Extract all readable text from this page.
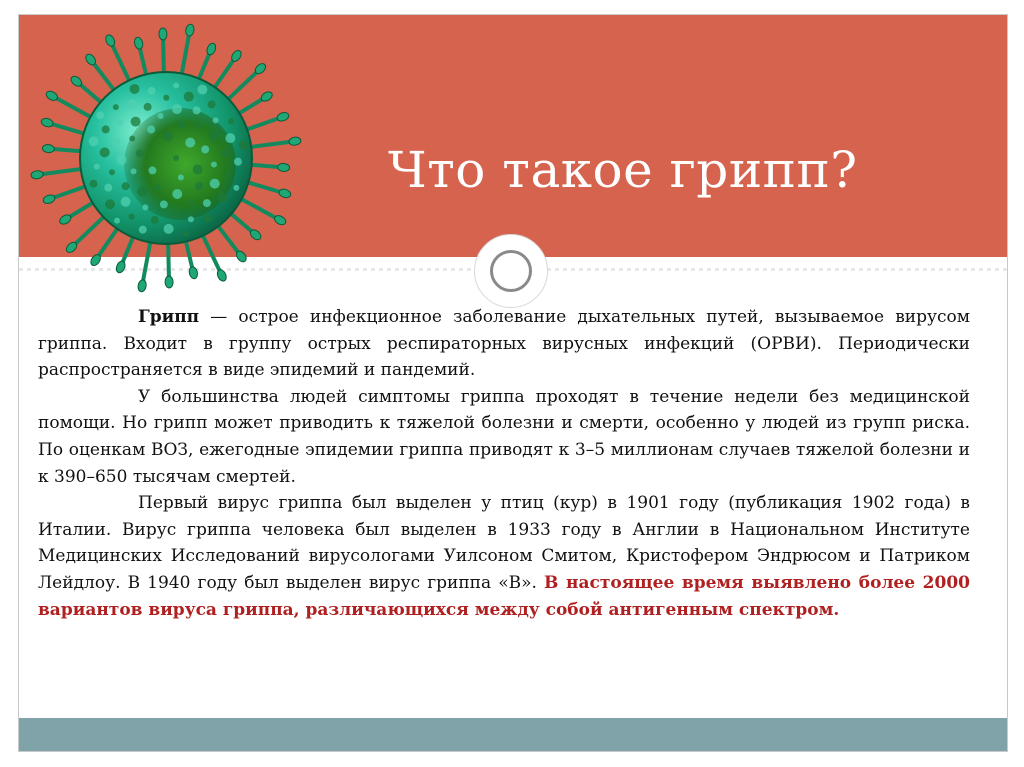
Что такое грипп?

Грипп — острое инфекционное заболевание дыхательных путей, вызываемое вирусом гриппа. Входит в группу острых респираторных вирусных инфекций (ОРВИ). Периодически распространяется в виде эпидемий и пандемий.

У большинства людей симптомы гриппа проходят в течение недели без медицинской помощи. Но грипп может приводить к тяжелой болезни и смерти, особенно у людей из групп риска. По оценкам ВОЗ, ежегодные эпидемии гриппа приводят к 3–5 миллионам случаев тяжелой болезни и к 390–650 тысячам смертей.

Первый вирус гриппа был выделен у птиц (кур) в 1901 году (публикация 1902 года) в Италии. Вирус гриппа человека был выделен в 1933 году в Англии в Национальном Институте Медицинских Исследований вирусологами Уилсоном Смитом, Кристофером Эндрюсом и Патриком Лейдлоу. В 1940 году был выделен вирус гриппа «В». В настоящее время выявлено более 2000 вариантов вируса гриппа, различающихся между собой антигенным спектром.
